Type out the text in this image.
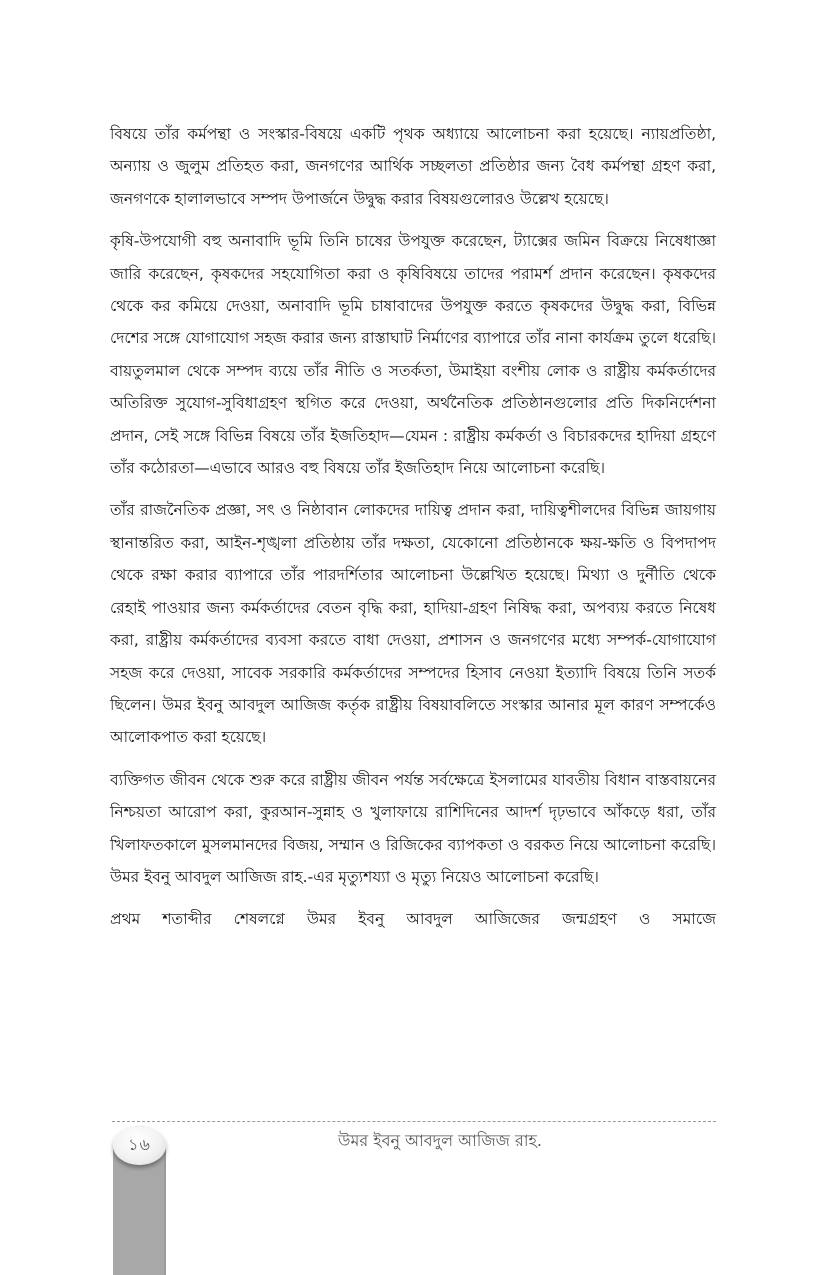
বিষয়ে তাঁর কর্মপন্থা ও সংস্কার-বিষয়ে একটি পৃথক অধ্যায়ে আলোচনা করা হয়েছে। ন্যায়প্রতিষ্ঠা, অন্যায় ও জুলুম প্রতিহত করা, জনগণের আর্থিক সচ্ছলতা প্রতিষ্ঠার জন্য বৈধ কর্মপন্থা গ্রহণ করা, জনগণকে হালালভাবে সম্পদ উপার্জনে উদ্বুদ্ধ করার বিষয়গুলোরও উল্লেখ হয়েছে।

কৃষি-উপযোগী বহু অনাবাদি ভূমি তিনি চাষের উপযুক্ত করেছেন, ট্যাক্সের জমিন বিক্রয়ে নিষেধাজ্ঞা জারি করেছেন, কৃষকদের সহযোগিতা করা ও কৃষিবিষয়ে তাদের পরামর্শ প্রদান করেছেন। কৃষকদের থেকে কর কমিয়ে দেওয়া, অনাবাদি ভূমি চাষাবাদের উপযুক্ত করতে কৃষকদের উদ্বুদ্ধ করা, বিভিন্ন দেশের সঙ্গে যোগাযোগ সহজ করার জন্য রাস্তাঘাট নির্মাণের ব্যাপারে তাঁর নানা কার্যক্রম তুলে ধরেছি। বায়তুলমাল থেকে সম্পদ ব্যয়ে তাঁর নীতি ও সতর্কতা, উমাইয়া বংশীয় লোক ও রাষ্ট্রীয় কর্মকর্তাদের অতিরিক্ত সুযোগ-সুবিধাগ্রহণ স্থগিত করে দেওয়া, অর্থনৈতিক প্রতিষ্ঠানগুলোর প্রতি দিকনির্দেশনা প্রদান, সেই সঙ্গে বিভিন্ন বিষয়ে তাঁর ইজতিহাদ—যেমন : রাষ্ট্রীয় কর্মকর্তা ও বিচারকদের হাদিয়া গ্রহণে তাঁর কঠোরতা—এভাবে আরও বহু বিষয়ে তাঁর ইজতিহাদ নিয়ে আলোচনা করেছি।

তাঁর রাজনৈতিক প্রজ্ঞা, সৎ ও নিষ্ঠাবান লোকদের দায়িত্ব প্রদান করা, দায়িত্বশীলদের বিভিন্ন জায়গায় স্থানান্তরিত করা, আইন-শৃঙ্খলা প্রতিষ্ঠায় তাঁর দক্ষতা, যেকোনো প্রতিষ্ঠানকে ক্ষয়-ক্ষতি ও বিপদাপদ থেকে রক্ষা করার ব্যাপারে তাঁর পারদর্শিতার আলোচনা উল্লেখিত হয়েছে। মিথ্যা ও দুর্নীতি থেকে রেহাই পাওয়ার জন্য কর্মকর্তাদের বেতন বৃদ্ধি করা, হাদিয়া-গ্রহণ নিষিদ্ধ করা, অপব্যয় করতে নিষেধ করা, রাষ্ট্রীয় কর্মকর্তাদের ব্যবসা করতে বাধা দেওয়া, প্রশাসন ও জনগণের মধ্যে সম্পর্ক-যোগাযোগ সহজ করে দেওয়া, সাবেক সরকারি কর্মকর্তাদের সম্পদের হিসাব নেওয়া ইত্যাদি বিষয়ে তিনি সতর্ক ছিলেন। উমর ইবনু আবদুল আজিজ কর্তৃক রাষ্ট্রীয় বিষয়াবলিতে সংস্কার আনার মূল কারণ সম্পর্কেও আলোকপাত করা হয়েছে।

ব্যক্তিগত জীবন থেকে শুরু করে রাষ্ট্রীয় জীবন পর্যন্ত সর্বক্ষেত্রে ইসলামের যাবতীয় বিধান বাস্তবায়নের নিশ্চয়তা আরোপ করা, কুরআন-সুন্নাহ ও খুলাফায়ে রাশিদিনের আদর্শ দৃঢ়ভাবে আঁকড়ে ধরা, তাঁর খিলাফতকালে মুসলমানদের বিজয়, সম্মান ও রিজিকের ব্যাপকতা ও বরকত নিয়ে আলোচনা করেছি। উমর ইবনু আবদুল আজিজ রাহ.-এর মৃত্যুশয্যা ও মৃত্যু নিয়েও আলোচনা করেছি।

প্রথম শতাব্দীর শেষলগ্নে উমর ইবনু আবদুল আজিজের জন্মগ্রহণ ও সমাজে

১৬	উমর ইবনু আবদুল আজিজ রাহ.
